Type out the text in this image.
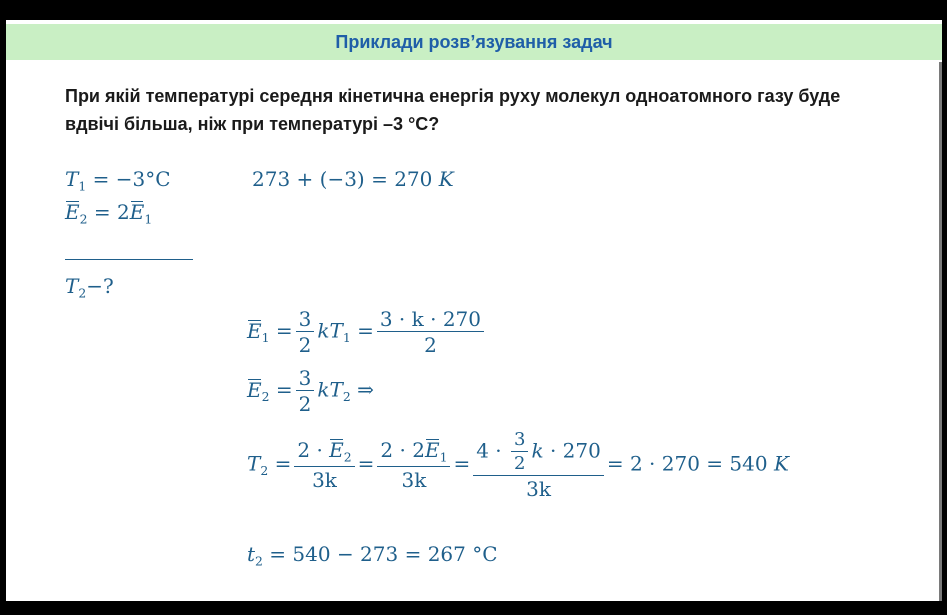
Приклади розв’язування задач
При якій температурі середня кінетична енергія руху молекул одноатомного газу буде вдвічі більша, ніж при температурі –3 °C?
$T_1 = -3^\circ C$
$E_2 = 2E_1$
$T_2-$?
273 + (−3) = 270 K
$E_1 = \frac{3}{2} kT_1 = \frac{3 \cdot k \cdot 270}{2}$
$E_2 = \frac{3}{2} kT_2$ ⇒
$T_2 = \frac{2 \cdot E_2}{3k} = \frac{2 \cdot 2E_1}{3k} = \frac{4 \cdot \frac{3}{2} k \cdot 270}{3k} = 2 \cdot 270 = 540$ K
$t_2 = 540 - 273 = 267$ °C
